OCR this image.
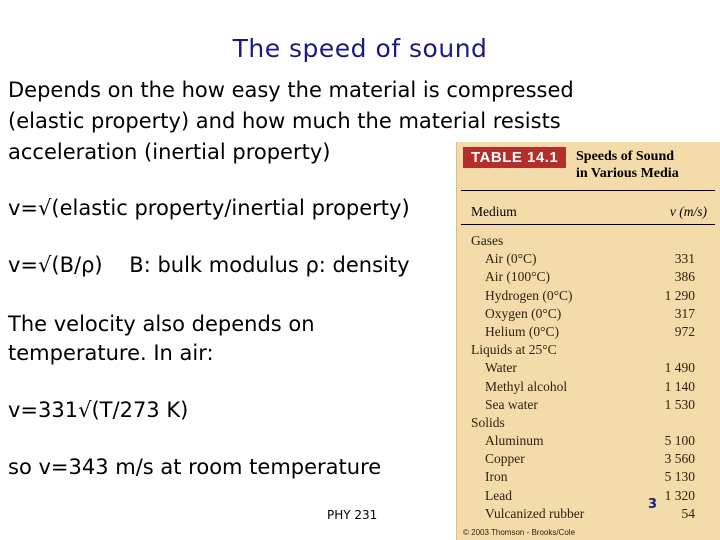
The speed of sound
Depends on the how easy the material is compressed
(elastic property) and how much the material resists
acceleration (inertial property)
v=√(elastic property/inertial property)
v=√(B/ρ)    B: bulk modulus ρ: density
The velocity also depends on
temperature. In air:
v=331√(T/273 K)
so v=343 m/s at room temperature
PHY 231
TABLE 14.1	Speeds of Sound
in Various Media
Medium	v (m/s)
Gases
Air (0°C)	331
Air (100°C)	386
Hydrogen (0°C)	1 290
Oxygen (0°C)	317
Helium (0°C)	972
Liquids at 25°C
Water	1 490
Methyl alcohol	1 140
Sea water	1 530
Solids
Aluminum	5 100
Copper	3 560
Iron	5 130
Lead	1 320
Vulcanized rubber	54
© 2003 Thomson - Brooks/Cole
3
